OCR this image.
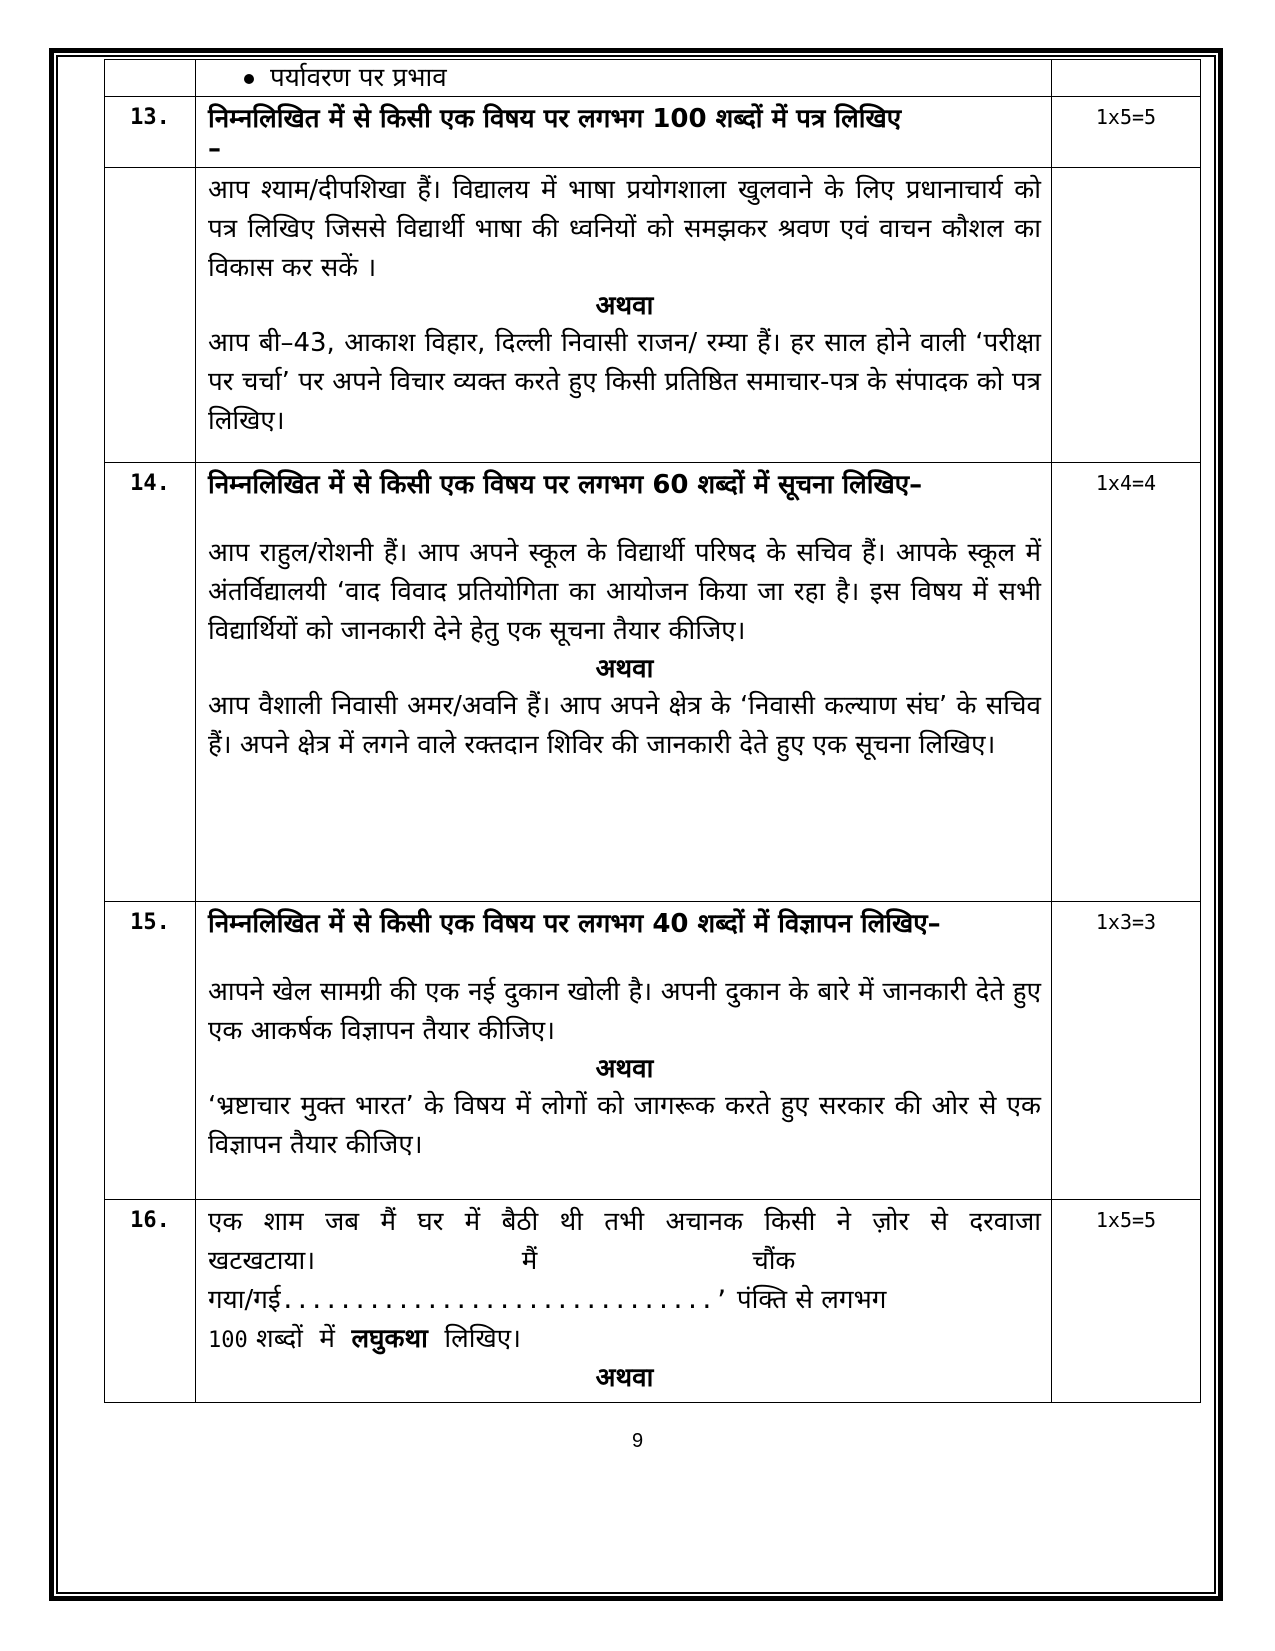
	पर्यावरण पर प्रभाव	
13.	निम्नलिखित में से किसी एक विषय पर लगभग 100 शब्दों में पत्र लिखिए
–	1x5=5

	आप श्याम/दीपशिखा हैं। विद्यालय में भाषा प्रयोगशाला खुलवाने के लिए प्रधानाचार्य को पत्र लिखिए जिससे विद्यार्थी भाषा की ध्वनियों को समझकर श्रवण एवं वाचन कौशल का विकास कर सकें ।
अथवा
आप बी–43, आकाश विहार, दिल्ली निवासी राजन/ रम्या हैं। हर साल होने वाली ‘परीक्षा पर चर्चा’ पर अपने विचार व्यक्त करते हुए किसी प्रतिष्ठित समाचार-पत्र के संपादक को पत्र लिखिए।	

14.	निम्नलिखित में से किसी एक विषय पर लगभग 60 शब्दों में सूचना लिखिए–
आप राहुल/रोशनी हैं। आप अपने स्कूल के विद्यार्थी परिषद के सचिव हैं। आपके स्कूल में अंतर्विद्यालयी ‘वाद विवाद प्रतियोगिता का आयोजन किया जा रहा है। इस विषय में सभी विद्यार्थियों को जानकारी देने हेतु एक सूचना तैयार कीजिए।
अथवा
आप वैशाली निवासी अमर/अवनि हैं। आप अपने क्षेत्र के ‘निवासी कल्याण संघ’ के सचिव हैं। अपने क्षेत्र में लगने वाले रक्तदान शिविर की जानकारी देते हुए एक सूचना लिखिए।	1x4=4
15.	निम्नलिखित में से किसी एक विषय पर लगभग 40 शब्दों में विज्ञापन लिखिए–
आपने खेल सामग्री की एक नई दुकान खोली है। अपनी दुकान के बारे में जानकारी देते हुए एक आकर्षक विज्ञापन तैयार कीजिए।
अथवा
‘भ्रष्टाचार मुक्त भारत’ के विषय में लोगों को जागरूक करते हुए सरकार की ओर से एक विज्ञापन तैयार कीजिए।	1x3=3
16.	एक शाम जब मैं घर में बैठी थी तभी अचानक किसी ने ज़ोर से दरवाजा
खटखटाया।                         मैं                          चौंक
गया/गई..............................’ पंक्ति से लगभग
100 शब्दों  में  लघुकथा  लिखिए।
अथवा	1x5=5
9
